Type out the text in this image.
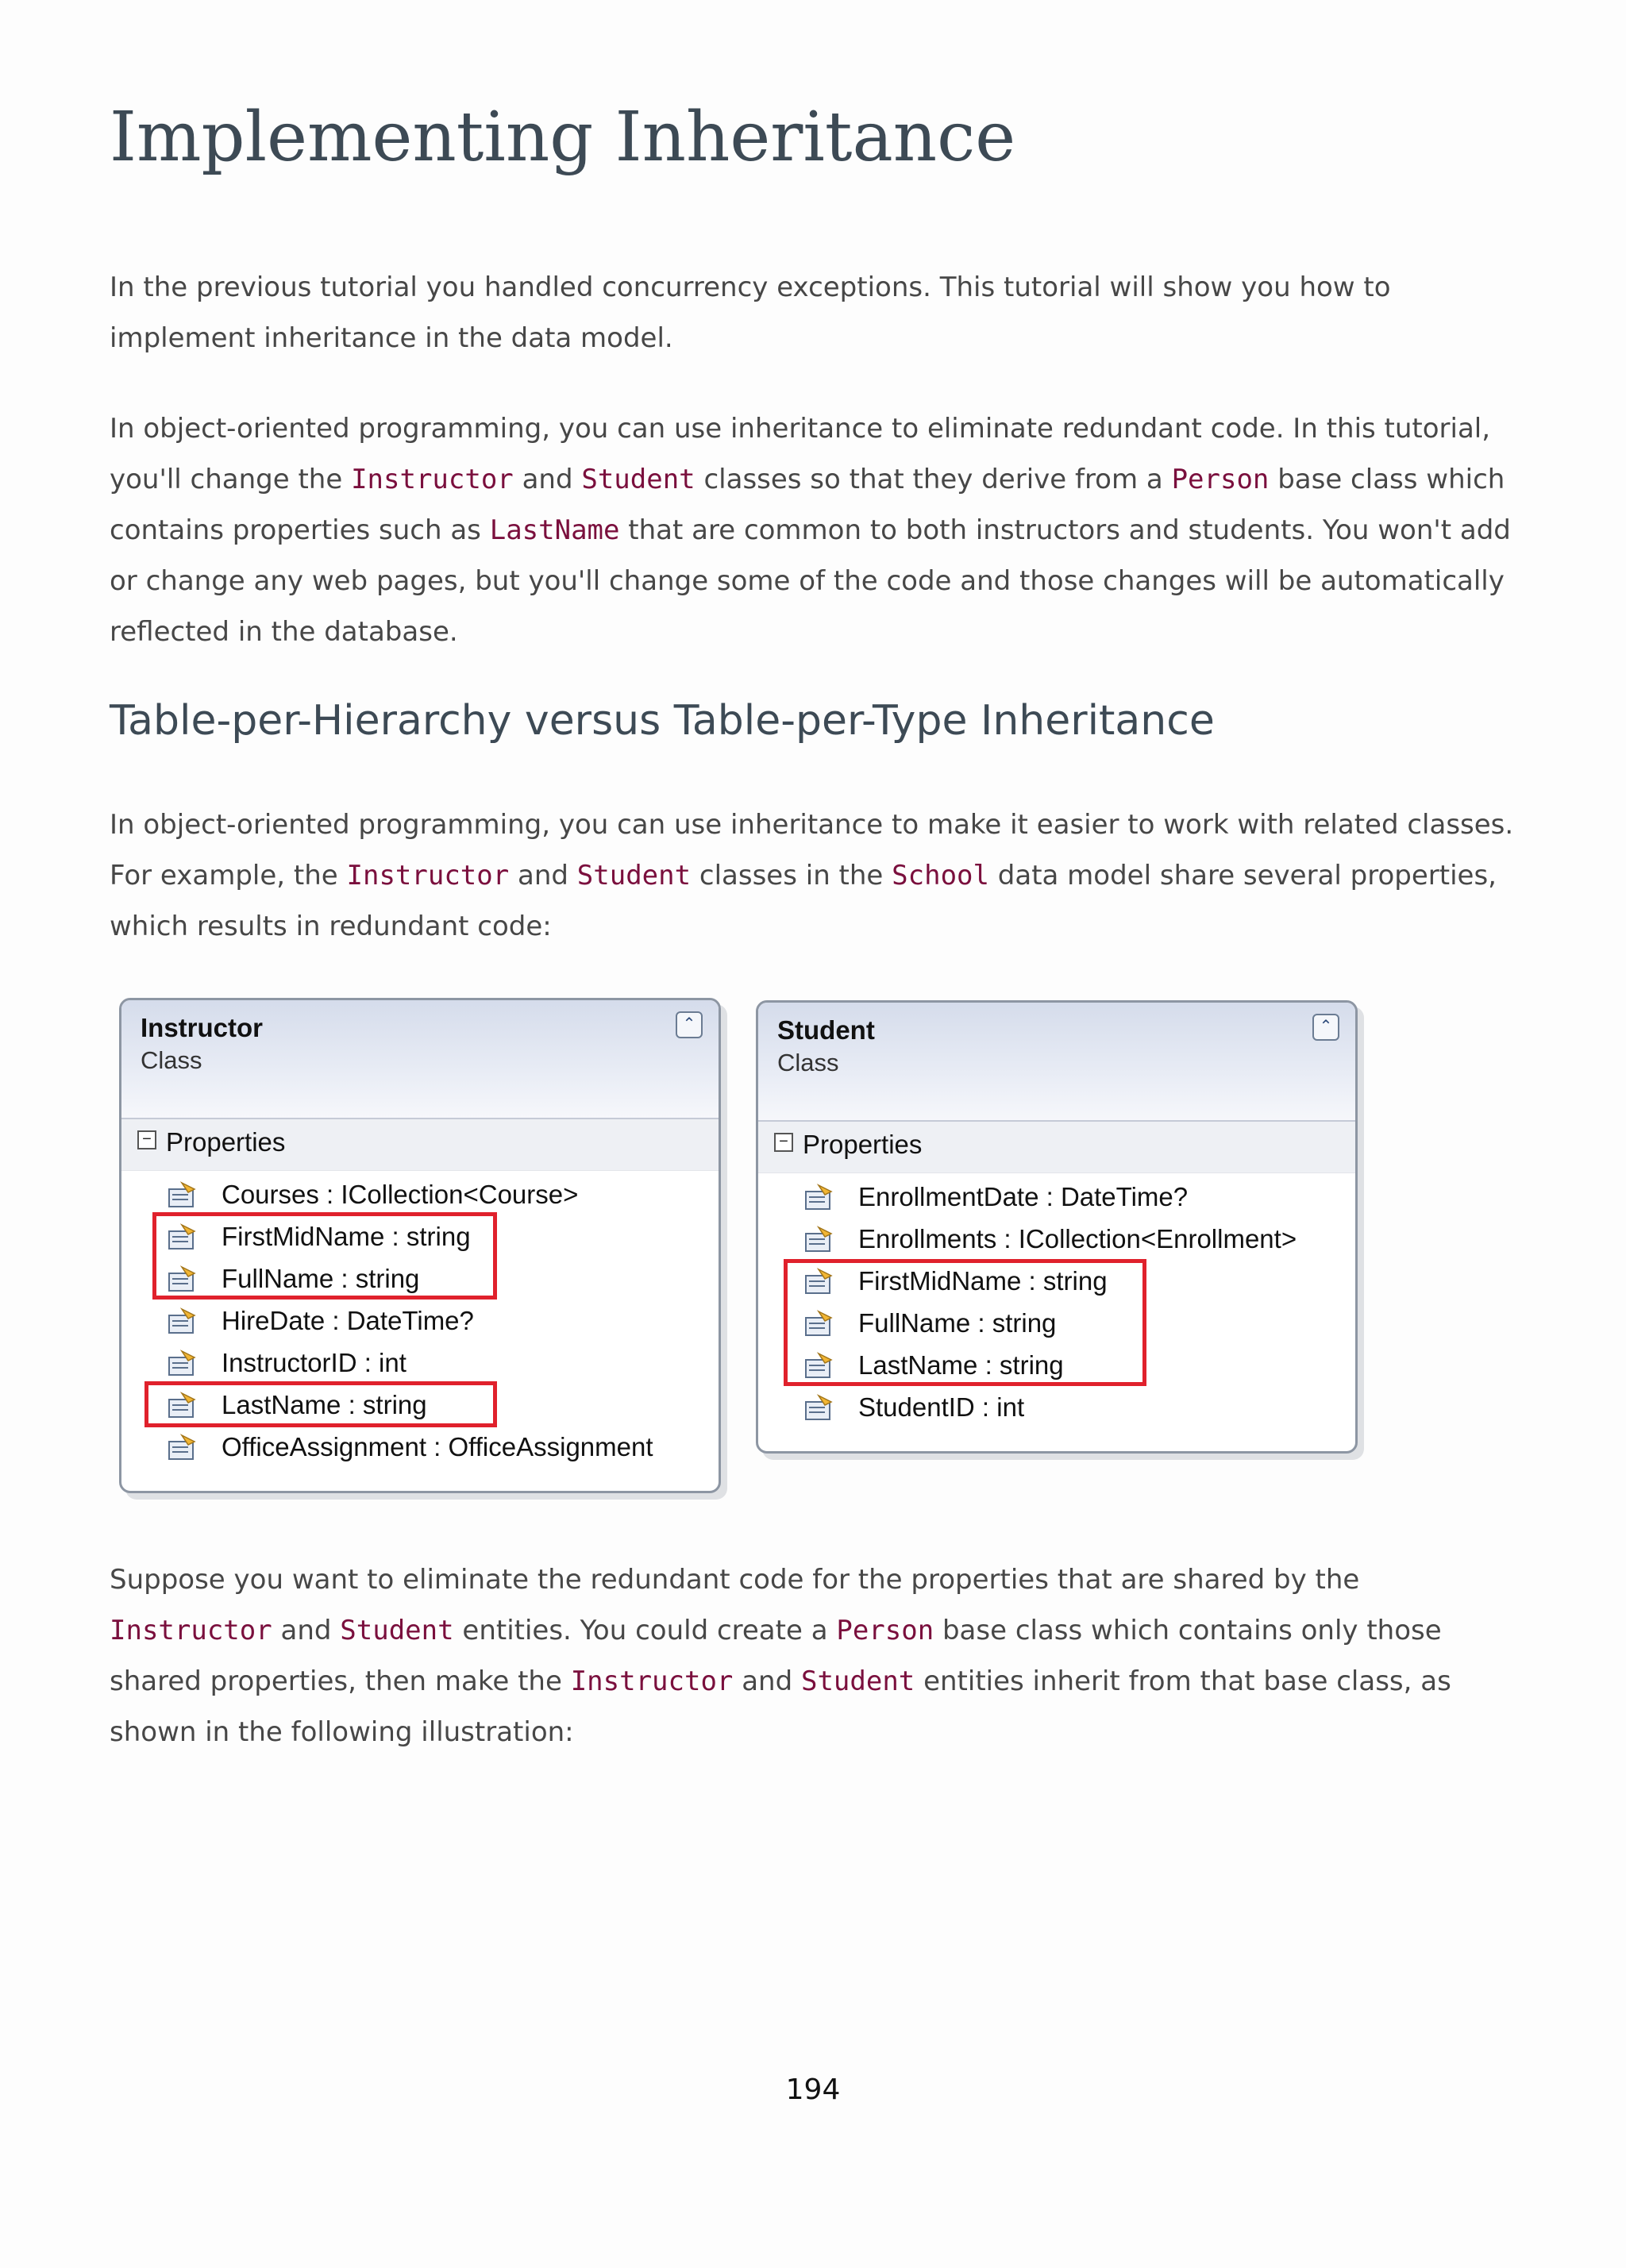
Implementing Inheritance

In the previous tutorial you handled concurrency exceptions. This tutorial will show you how to implement inheritance in the data model.

In object-oriented programming, you can use inheritance to eliminate redundant code. In this tutorial, you'll change the Instructor and Student classes so that they derive from a Person base class which contains properties such as LastName that are common to both instructors and students. You won't add or change any web pages, but you'll change some of the code and those changes will be automatically reflected in the database.

Table-per-Hierarchy versus Table-per-Type Inheritance

In object-oriented programming, you can use inheritance to make it easier to work with related classes. For example, the Instructor and Student classes in the School data model share several properties, which results in redundant code:

Instructor
Class
⌃
− Properties
Courses : ICollection<Course>
FirstMidName : string
FullName : string
HireDate : DateTime?
InstructorID : int
LastName : string
OfficeAssignment : OfficeAssignment
Student
Class
⌃
− Properties
EnrollmentDate : DateTime?
Enrollments : ICollection<Enrollment>
FirstMidName : string
FullName : string
LastName : string
StudentID : int

Suppose you want to eliminate the redundant code for the properties that are shared by the Instructor and Student entities. You could create a Person base class which contains only those shared properties, then make the Instructor and Student entities inherit from that base class, as shown in the following illustration:

194
